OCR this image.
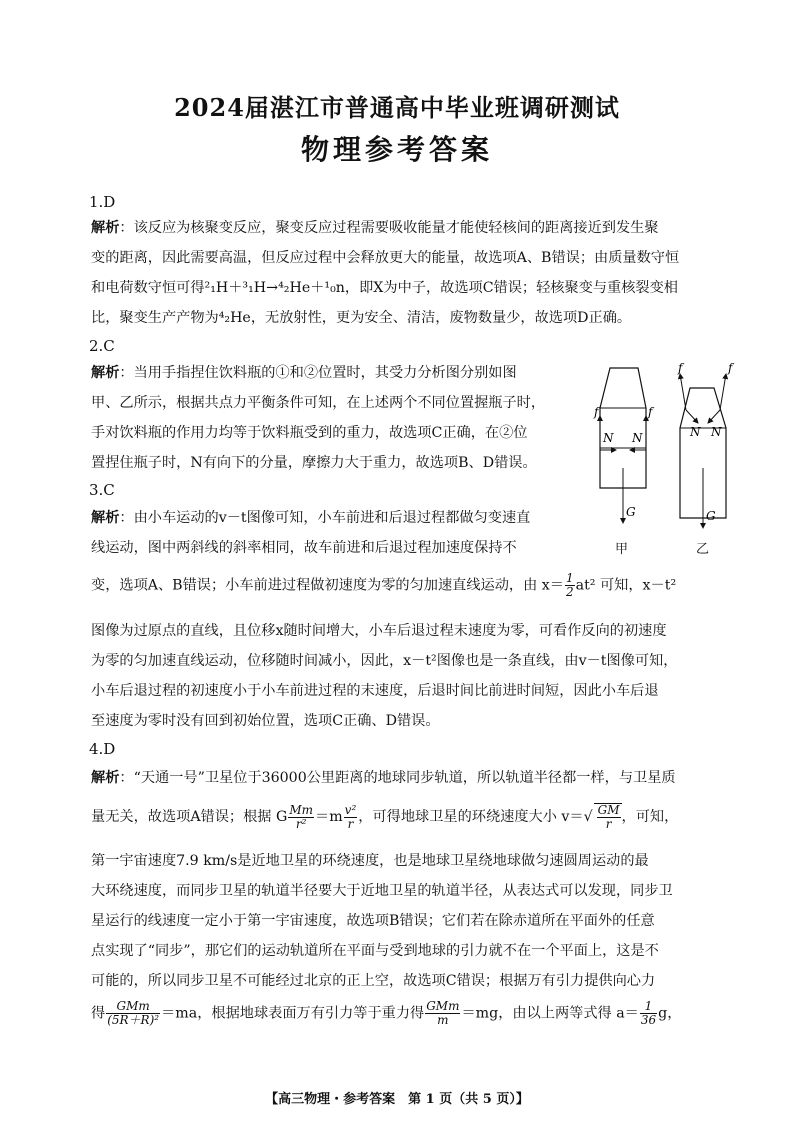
2024届湛江市普通高中毕业班调研测试
物理参考答案
1.D
解析：该反应为核聚变反应，聚变反应过程需要吸收能量才能使轻核间的距离接近到发生聚
变的距离，因此需要高温，但反应过程中会释放更大的能量，故选项A、B错误；由质量数守恒
和电荷数守恒可得²₁H＋³₁H→⁴₂He＋¹₀n，即X为中子，故选项C错误；轻核聚变与重核裂变相
比，聚变生产产物为⁴₂He，无放射性，更为安全、清洁，废物数量少，故选项D正确。
2.C
解析：当用手指捏住饮料瓶的①和②位置时，其受力分析图分别如图
甲、乙所示，根据共点力平衡条件可知，在上述两个不同位置握瓶子时，
手对饮料瓶的作用力均等于饮料瓶受到的重力，故选项C正确，在②位
置捏住瓶子时，N有向下的分量，摩擦力大于重力，故选项B、D错误。
3.C
解析：由小车运动的v－t图像可知，小车前进和后退过程都做匀变速直
线运动，图中两斜线的斜率相同，故车前进和后退过程加速度保持不
变，选项A、B错误；小车前进过程做初速度为零的匀加速直线运动，由 $x= \frac{1}{2} at^2$ 可知，x－t²
图像为过原点的直线，且位移x随时间增大，小车后退过程末速度为零，可看作反向的初速度
为零的匀加速直线运动，位移随时间减小，因此，x－t²图像也是一条直线，由v－t图像可知，
小车后退过程的初速度小于小车前进过程的末速度，后退时间比前进时间短，因此小车后退
至速度为零时没有回到初始位置，选项C正确、D错误。
4.D
解析：“天通一号”卫星位于36000公里距离的地球同步轨道，所以轨道半径都一样，与卫星质
量无关，故选项A错误；根据 G $\frac{Mm}{\text{r²}} =m \frac{\text{v²}}{r}$ ，可得地球卫星的环绕速度大小 $v=√ \frac{GM}{r}$ ，可知，
第一宇宙速度7.9 km/s是近地卫星的环绕速度，也是地球卫星绕地球做匀速圆周运动的最
大环绕速度，而同步卫星的轨道半径要大于近地卫星的轨道半径，从表达式可以发现，同步卫
星运行的线速度一定小于第一宇宙速度，故选项B错误；它们若在除赤道所在平面外的任意
点实现了“同步”，那它们的运动轨道所在平面与受到地球的引力就不在一个平面上，这是不
可能的，所以同步卫星不可能经过北京的正上空，故选项C错误；根据万有引力提供向心力
得 $\frac{\text{GMm}}{\text{(5R＋R)²}} =ma$，根据地球表面万有引力等于重力得 $\frac{\text{GMm}}{m} =mg$，由以上两等式得 $a= \frac{1}{36}$ g，
f	f
N N
G
f	f
N N
G
甲	乙
【高三物理・参考答案　第 1 页（共 5 页）】
